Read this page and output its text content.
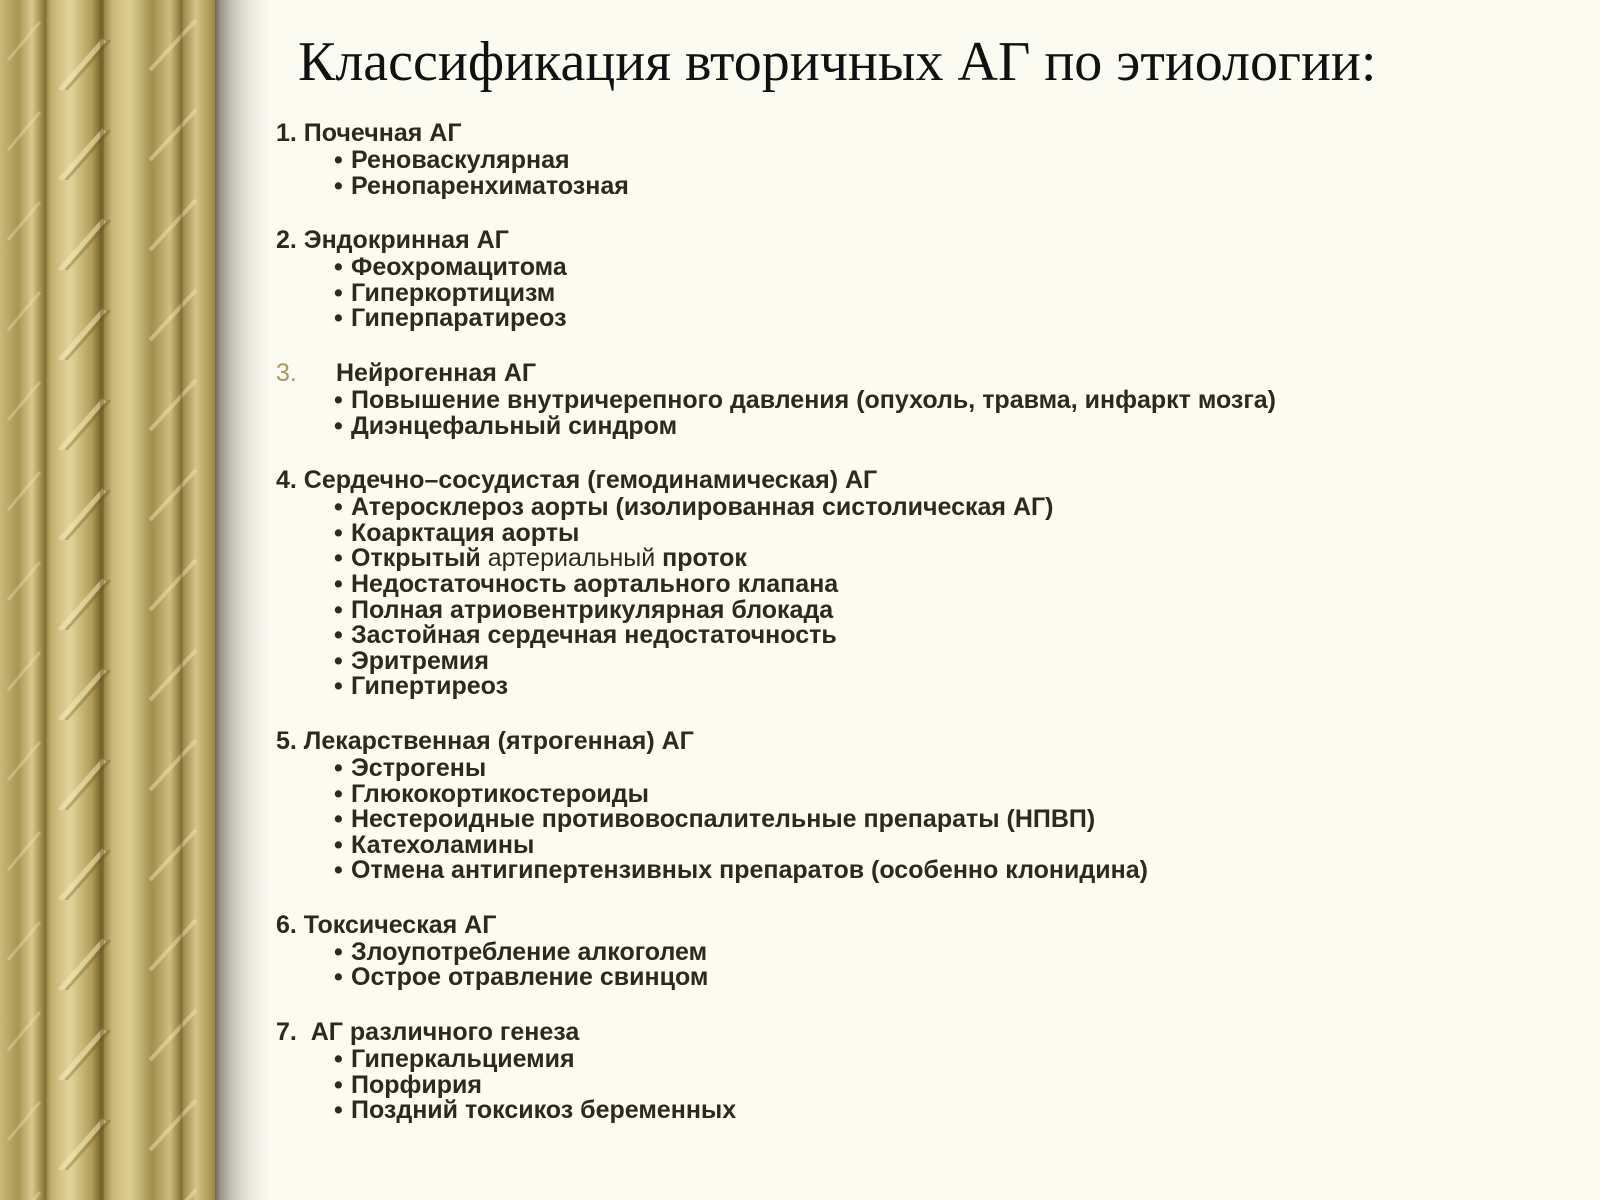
Классификация вторичных АГ по этиологии:
1. Почечная АГ
• Реноваскулярная
• Ренопаренхиматозная
2. Эндокринная АГ
• Феохромацитома
• Гиперкортицизм
• Гиперпаратиреоз
3. Нейрогенная АГ
• Повышение внутричерепного давления (опухоль, травма, инфаркт мозга)
• Диэнцефальный синдром
4. Сердечно–сосудистая (гемодинамическая) АГ
• Атеросклероз аорты (изолированная систолическая АГ)
• Коарктация аорты
• Открытый артериальный проток
• Недостаточность аортального клапана
• Полная атриовентрикулярная блокада
• Застойная сердечная недостаточность
• Эритремия
• Гипертиреоз
5. Лекарственная (ятрогенная) АГ
• Эстрогены
• Глюкокортикостероиды
• Нестероидные противовоспалительные препараты (НПВП)
• Катехоламины
• Отмена антигипертензивных препаратов (особенно клонидина)
6. Токсическая АГ
• Злоупотребление алкоголем
• Острое отравление свинцом
7.  АГ различного генеза
• Гиперкальциемия
• Порфирия
• Поздний токсикоз беременных
